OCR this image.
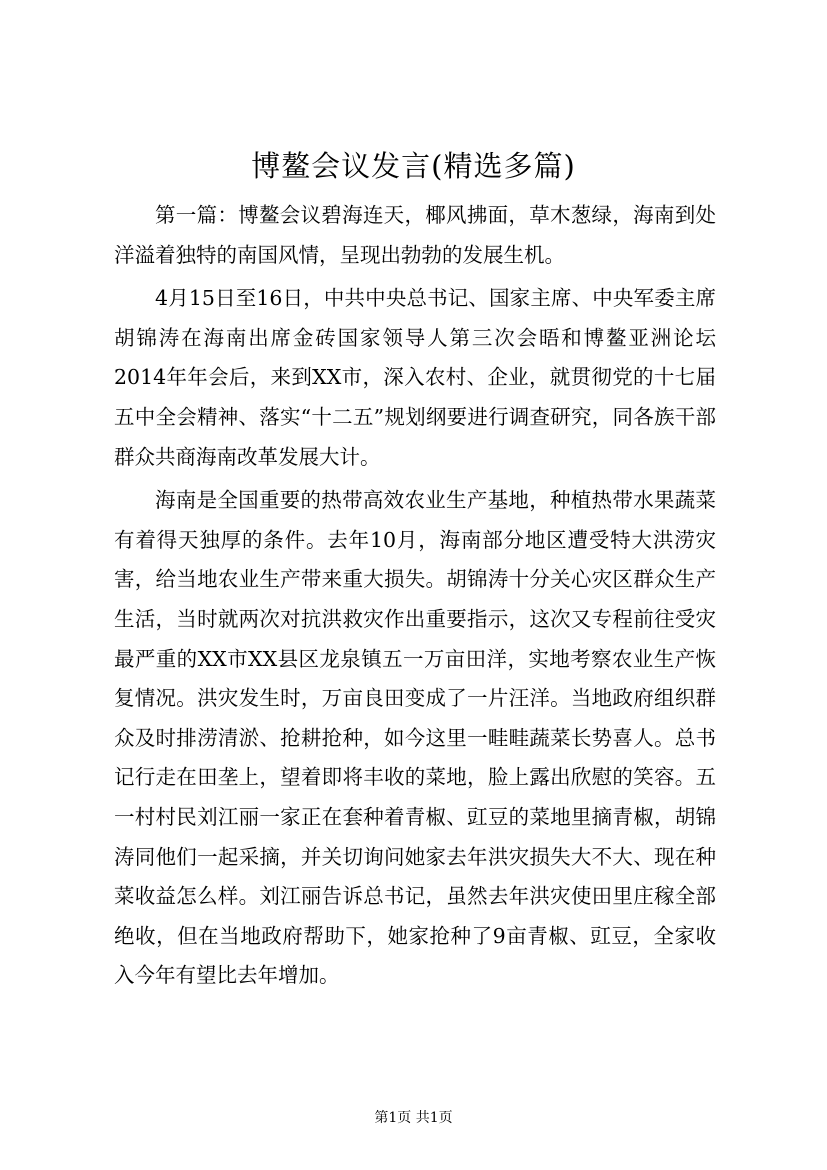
博鳌会议发言(精选多篇)

第一篇：博鳌会议碧海连天，椰风拂面，草木葱绿，海南到处洋溢着独特的南国风情，呈现出勃勃的发展生机。

4月15日至16日，中共中央总书记、国家主席、中央军委主席胡锦涛在海南出席金砖国家领导人第三次会晤和博鳌亚洲论坛2014年年会后，来到XX市，深入农村、企业，就贯彻党的十七届五中全会精神、落实“十二五”规划纲要进行调查研究，同各族干部群众共商海南改革发展大计。

海南是全国重要的热带高效农业生产基地，种植热带水果蔬菜有着得天独厚的条件。去年10月，海南部分地区遭受特大洪涝灾害，给当地农业生产带来重大损失。胡锦涛十分关心灾区群众生产生活，当时就两次对抗洪救灾作出重要指示，这次又专程前往受灾最严重的XX市XX县区龙泉镇五一万亩田洋，实地考察农业生产恢复情况。洪灾发生时，万亩良田变成了一片汪洋。当地政府组织群众及时排涝清淤、抢耕抢种，如今这里一畦畦蔬菜长势喜人。总书记行走在田垄上，望着即将丰收的菜地，脸上露出欣慰的笑容。五一村村民刘江丽一家正在套种着青椒、豇豆的菜地里摘青椒，胡锦涛同他们一起采摘，并关切询问她家去年洪灾损失大不大、现在种菜收益怎么样。刘江丽告诉总书记，虽然去年洪灾使田里庄稼全部绝收，但在当地政府帮助下，她家抢种了9亩青椒、豇豆，全家收入今年有望比去年增加。

第1页 共1页
